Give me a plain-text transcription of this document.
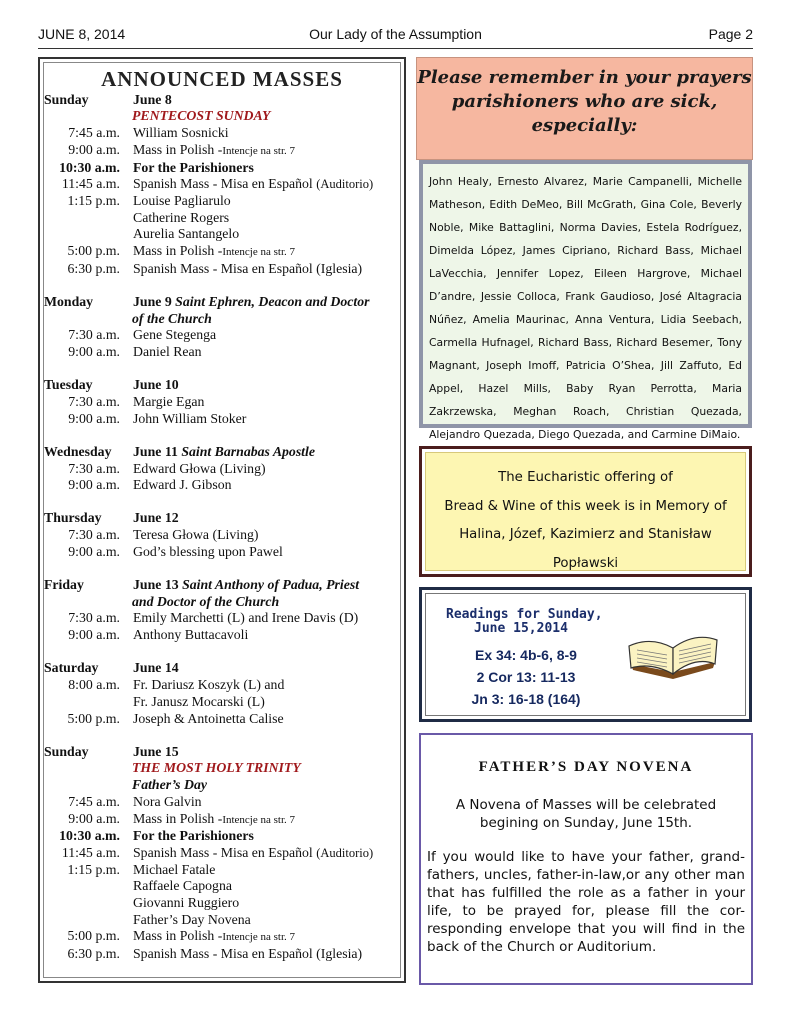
JUNE 8, 2014	Our Lady of the Assumption	Page 2
ANNOUNCED MASSES
Sunday	June 8
PENTECOST SUNDAY
7:45 a.m. William Sosnicki
9:00 a.m. Mass in Polish -Intencje na str. 7
10:30 a.m. For the Parishioners
11:45 a.m. Spanish Mass - Misa en Español (Auditorio)
1:15 p.m. Louise Pagliarulo
Catherine Rogers
Aurelia Santangelo
5:00 p.m. Mass in Polish -Intencje na str. 7
6:30 p.m. Spanish Mass - Misa en Español (Iglesia)
Monday	June 9 Saint Ephren, Deacon and Doctor
of the Church
7:30 a.m. Gene Stegenga
9:00 a.m. Daniel Rean
Tuesday	June 10
7:30 a.m. Margie Egan
9:00 a.m. John William Stoker
Wednesday	June 11 Saint Barnabas Apostle
7:30 a.m. Edward Głowa (Living)
9:00 a.m. Edward J. Gibson
Thursday	June 12
7:30 a.m. Teresa Głowa (Living)
9:00 a.m. God’s blessing upon Pawel
Friday	June 13 Saint Anthony of Padua, Priest
and Doctor of the Church
7:30 a.m. Emily Marchetti (L) and Irene Davis (D)
9:00 a.m. Anthony Buttacavoli
Saturday	June 14
8:00 a.m. Fr. Dariusz Koszyk (L) and
Fr. Janusz Mocarski (L)
5:00 p.m. Joseph & Antoinetta Calise
Sunday	June 15
THE MOST HOLY TRINITY
Father’s Day
7:45 a.m. Nora Galvin
9:00 a.m. Mass in Polish -Intencje na str. 7
10:30 a.m. For the Parishioners
11:45 a.m. Spanish Mass - Misa en Español (Auditorio)
1:15 p.m. Michael Fatale
Raffaele Capogna
Giovanni Ruggiero
Father’s Day Novena
5:00 p.m. Mass in Polish -Intencje na str. 7
6:30 p.m. Spanish Mass - Misa en Español (Iglesia)
Please remember in your prayers
parishioners who are sick,
especially:
John Healy, Ernesto Alvarez, Marie Campanelli, Michelle Matheson, Edith DeMeo, Bill McGrath, Gina Cole, Beverly Noble, Mike Battaglini, Norma Davies, Estela Rodríguez, Dimelda López, James Cipriano, Richard Bass, Michael LaVecchia, Jennifer Lopez, Eileen Hargrove, Michael D’andre, Jessie Colloca, Frank Gaudioso, José Altagracia Núñez, Amelia Maurinac, Anna Ventura, Lidia Seebach, Carmella Hufnagel, Richard Bass, Richard Besemer, Tony Magnant, Joseph Imoff, Patricia O’Shea, Jill Zaffuto, Ed Appel, Hazel Mills, Baby Ryan Perrotta, Maria Zakrzewska, Meghan Roach, Christian Quezada, Alejandro Quezada, Diego Quezada, and Carmine DiMaio.
The Eucharistic offering of
Bread & Wine of this week is in Memory of
Halina, Józef, Kazimierz and Stanisław
Popławski
Readings for Sunday,
June 15,2014
Ex 34: 4b-6, 8-9
2 Cor 13: 11-13
Jn 3: 16-18 (164)
FATHER’S DAY NOVENA
A Novena of Masses will be celebrated begining on Sunday, June 15th.
If you would like to have your father, grand-fathers, uncles, father-in-law,or any other man that has fulfilled the role as a father in your life, to be prayed for, please fill the cor-responding envelope that you will find in the back of the Church or Auditorium.
